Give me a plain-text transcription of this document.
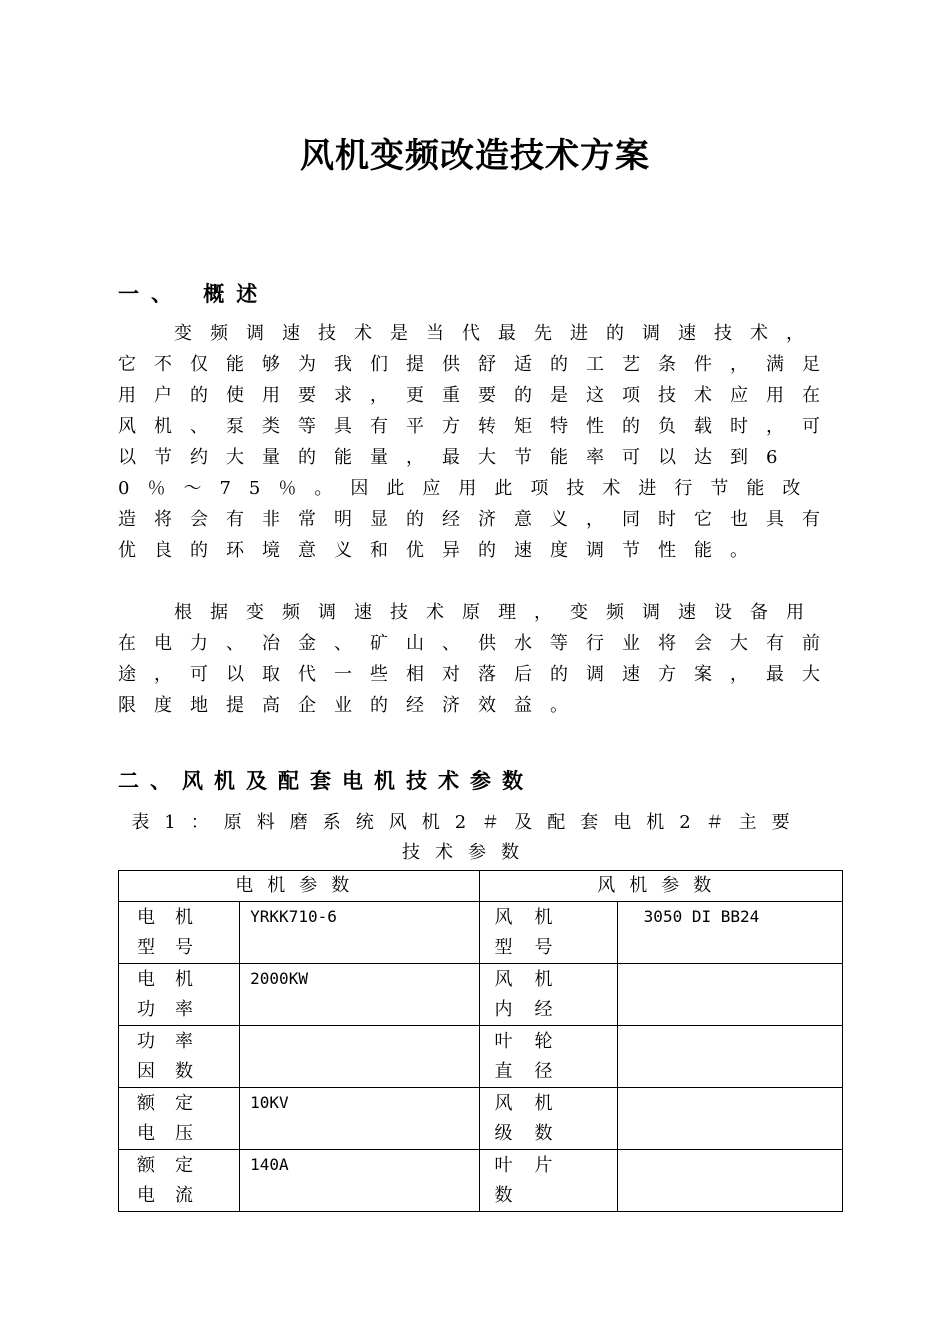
风机变频改造技术方案
一、 概述

变频调速技术是当代最先进的调速技术，它不仅能够为我们提供舒适的工艺条件，满足用户的使用要求，更重要的是这项技术应用在风机、泵类等具有平方转矩特性的负载时，可以节约大量的能量，最大节能率可以达到60％～75％。因此应用此项技术进行节能改造将会有非常明显的经济意义，同时它也具有优良的环境意义和优异的速度调节性能。

根据变频调速技术原理，变频调速设备用在电力、冶金、矿山、供水等行业将会大有前途，可以取代一些相对落后的调速方案，最大限度地提高企业的经济效益。

二、风机及配套电机技术参数

表1：原料磨系统风机2＃及配套电机2＃主要技术参数

电机参数		风机参数	
电机型号	YRKK710-6	风机型号	3050 DI BB24
电机功率	2000KW	风机内经	
功率因数		叶轮直径	
额定电压	10KV	风机级数	
额定电流	140A	叶片数	
